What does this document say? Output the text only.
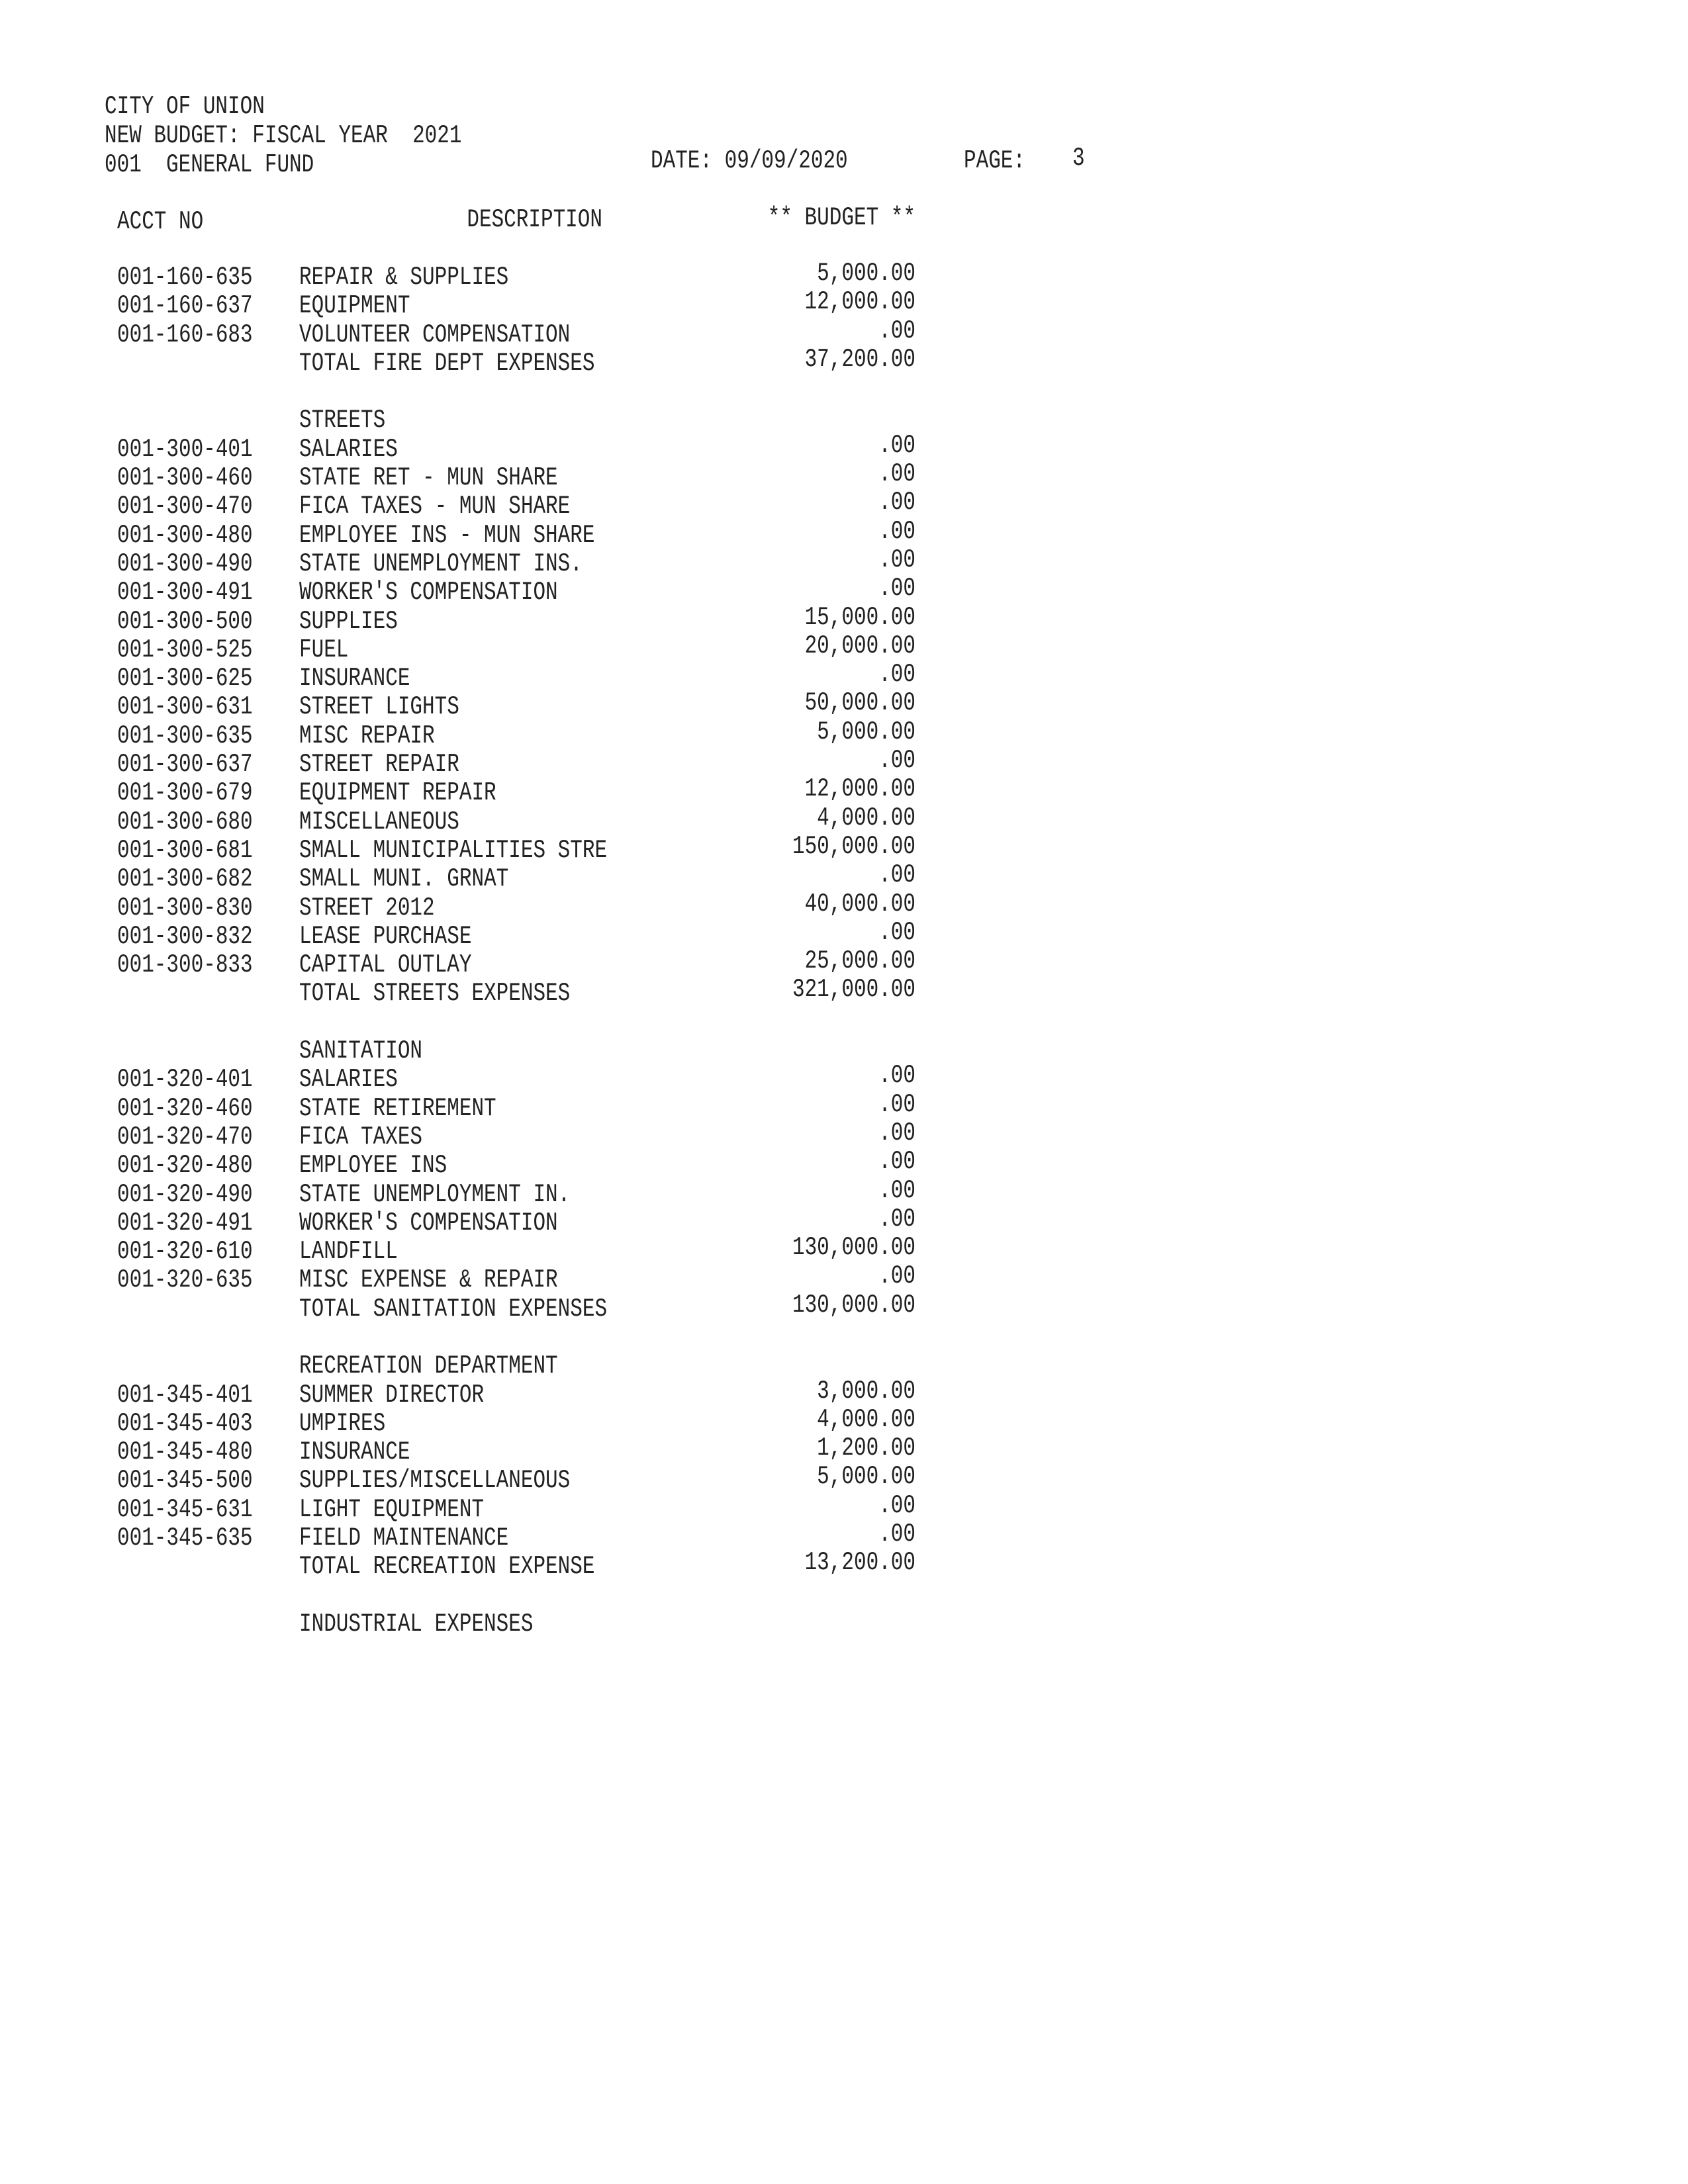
CITY OF UNION
NEW BUDGET: FISCAL YEAR  2021
001  GENERAL FUND	DATE: 09/09/2020	PAGE: 3
ACCT NO	DESCRIPTION	** BUDGET **
001-160-635 REPAIR & SUPPLIES	5,000.00
001-160-637 EQUIPMENT	12,000.00
001-160-683 VOLUNTEER COMPENSATION	.00
TOTAL FIRE DEPT EXPENSES	37,200.00
STREETS
001-300-401 SALARIES	.00
001-300-460 STATE RET - MUN SHARE	.00
001-300-470 FICA TAXES - MUN SHARE	.00
001-300-480 EMPLOYEE INS - MUN SHARE	.00
001-300-490 STATE UNEMPLOYMENT INS.	.00
001-300-491 WORKER'S COMPENSATION	.00
001-300-500 SUPPLIES	15,000.00
001-300-525 FUEL	20,000.00
001-300-625 INSURANCE	.00
001-300-631 STREET LIGHTS	50,000.00
001-300-635 MISC REPAIR	5,000.00
001-300-637 STREET REPAIR	.00
001-300-679 EQUIPMENT REPAIR	12,000.00
001-300-680 MISCELLANEOUS	4,000.00
001-300-681 SMALL MUNICIPALITIES STRE	150,000.00
001-300-682 SMALL MUNI. GRNAT	.00
001-300-830 STREET 2012	40,000.00
001-300-832 LEASE PURCHASE	.00
001-300-833 CAPITAL OUTLAY	25,000.00
TOTAL STREETS EXPENSES	321,000.00
SANITATION
001-320-401 SALARIES	.00
001-320-460 STATE RETIREMENT	.00
001-320-470 FICA TAXES	.00
001-320-480 EMPLOYEE INS	.00
001-320-490 STATE UNEMPLOYMENT IN.	.00
001-320-491 WORKER'S COMPENSATION	.00
001-320-610 LANDFILL	130,000.00
001-320-635 MISC EXPENSE & REPAIR	.00
TOTAL SANITATION EXPENSES	130,000.00
RECREATION DEPARTMENT
001-345-401 SUMMER DIRECTOR	3,000.00
001-345-403 UMPIRES	4,000.00
001-345-480 INSURANCE	1,200.00
001-345-500 SUPPLIES/MISCELLANEOUS	5,000.00
001-345-631 LIGHT EQUIPMENT	.00
001-345-635 FIELD MAINTENANCE	.00
TOTAL RECREATION EXPENSE	13,200.00
INDUSTRIAL EXPENSES
